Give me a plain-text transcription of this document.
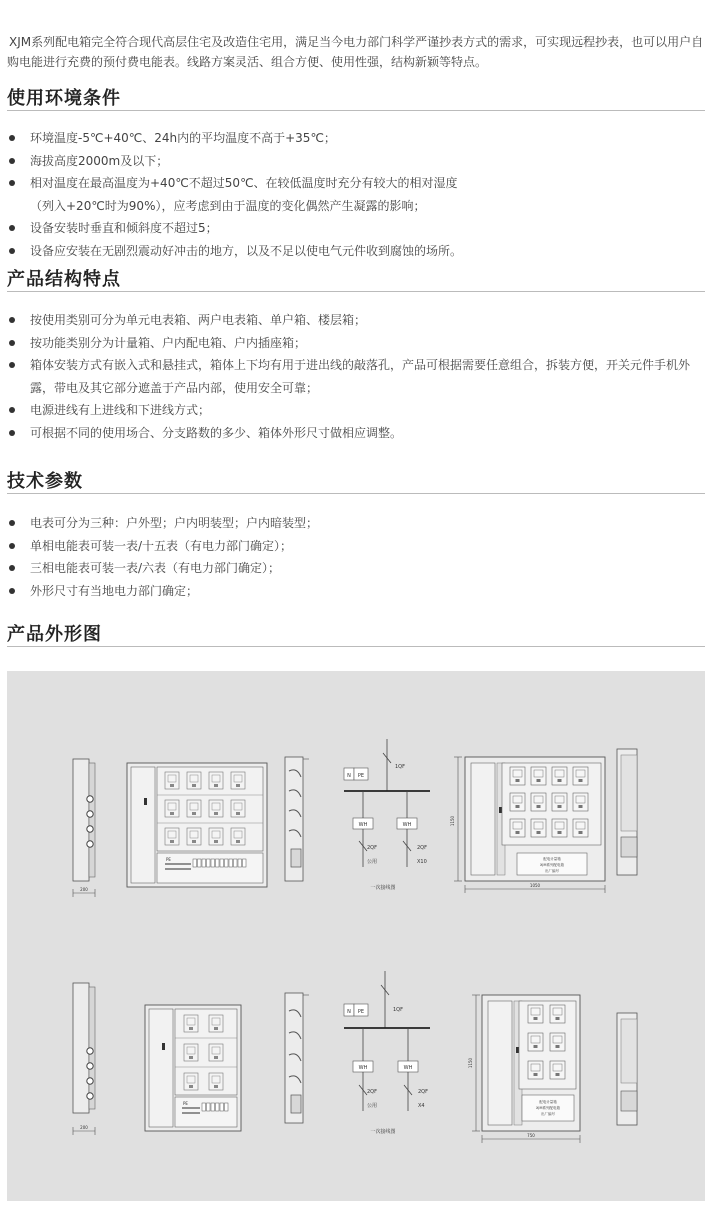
XJM系列配电箱完全符合现代高层住宅及改造住宅用，满足当今电力部门科学严谨抄表方式的需求，可实现远程抄表，也可以用户自购电能进行充费的预付费电能表。线路方案灵活、组合方便、使用性强，结构新颖等特点。

使用环境条件
环境温度-5℃+40℃、24h内的平均温度不高于+35℃；
海拔高度2000m及以下；
相对温度在最高温度为+40℃不超过50℃、在较低温度时充分有较大的相对湿度
（列入+20℃时为90%），应考虑到由于温度的变化偶然产生凝露的影响；
设备安装时垂直和倾斜度不超过5；
设备应安装在无剧烈震动好冲击的地方，以及不足以使电气元件收到腐蚀的场所。
产品结构特点
按使用类别可分为单元电表箱、两户电表箱、单户箱、楼层箱；
按功能类别分为计量箱、户内配电箱、户内插座箱；
箱体安装方式有嵌入式和悬挂式，箱体上下均有用于进出线的敲落孔，产品可根据需要任意组合，拆装方便，开关元件手机外
露，带电及其它部分遮盖于产品内部，使用安全可靠；
电源进线有上进线和下进线方式；
可根据不同的使用场合、分支路数的多少、箱体外形尺寸做相应调整。
技术参数
电表可分为三种：户外型；户内明装型；户内暗装型；
单相电能表可装一表/十五表（有电力部门确定）；
三相电能表可装一表/六表（有电力部门确定）；
外形尺寸有当地电力部门确定；
产品外形图
200
PE
N PE
1QF
WH	WH
2QF	2QF
公用	X10
一次接线图
1150
配电计量箱
XJM系列配电箱
出厂编号
1050
200
PE
N PE	1QF
WH	WH
2QF	2QF
公用	X4
一次接线图
1150
配电计量箱
XJM系列配电箱
出厂编号
750
